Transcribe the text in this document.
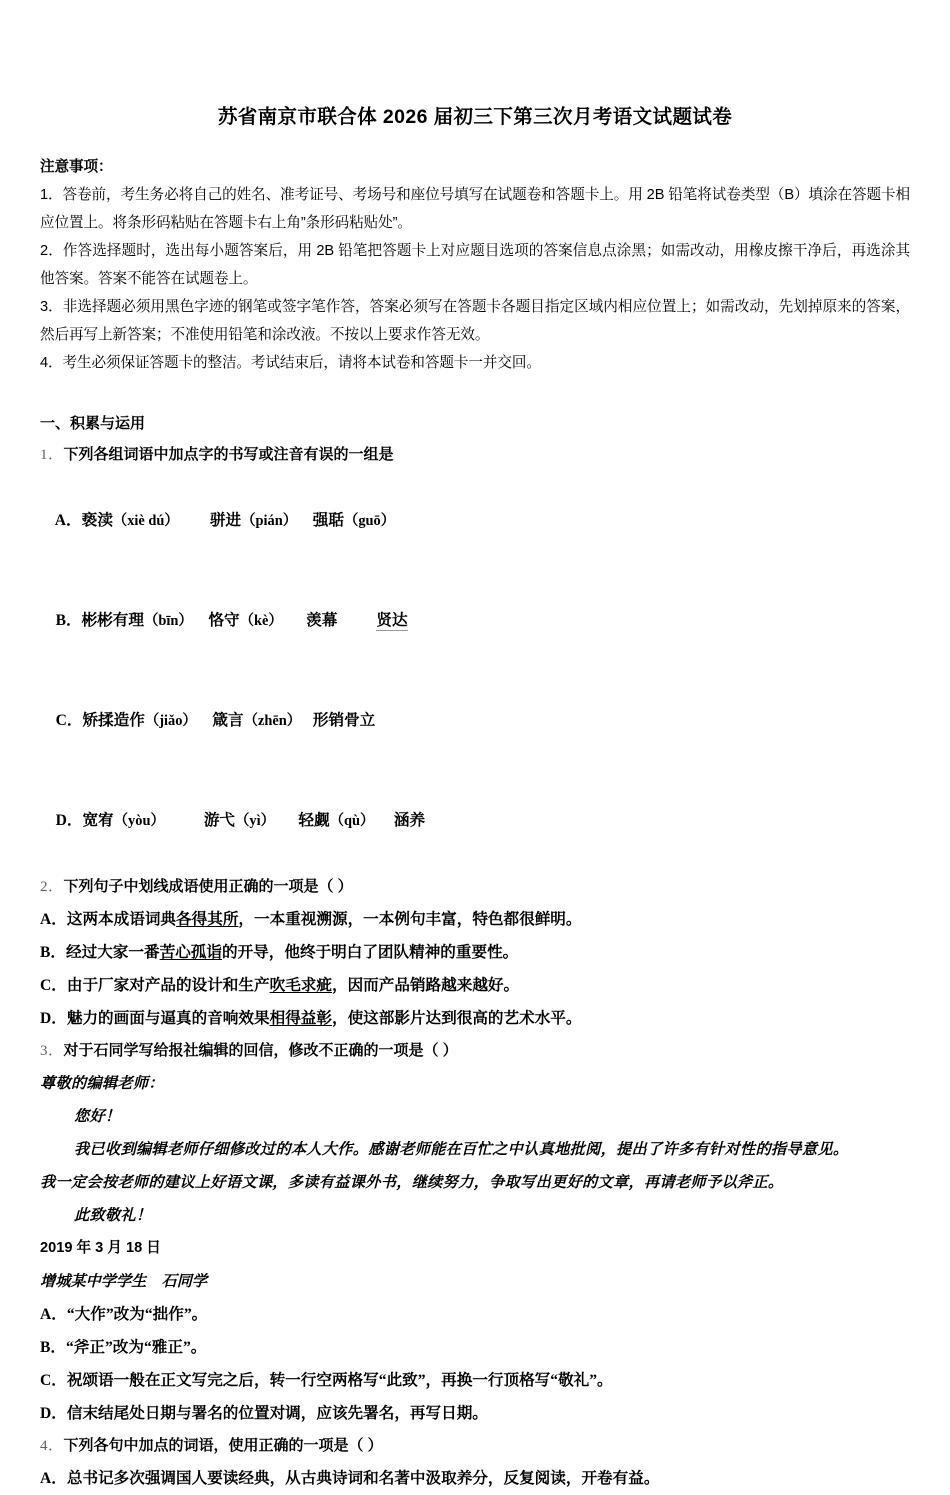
苏省南京市联合体 2026 届初三下第三次月考语文试题试卷
注意事项：
1．答卷前，考生务必将自己的姓名、准考证号、考场号和座位号填写在试题卷和答题卡上。用 2B 铅笔将试卷类型（B）填涂在答题卡相应位置上。将条形码粘贴在答题卡右上角”条形码粘贴处”。
2．作答选择题时，选出每小题答案后，用 2B 铅笔把答题卡上对应题目选项的答案信息点涂黑；如需改动，用橡皮擦干净后，再选涂其他答案。答案不能答在试题卷上。
3．非选择题必须用黑色字迹的钢笔或签字笔作答，答案必须写在答题卡各题目指定区域内相应位置上；如需改动，先划掉原来的答案，然后再写上新答案；不准使用铅笔和涂改液。不按以上要求作答无效。
4．考生必须保证答题卡的整洁。考试结束后，请将本试卷和答题卡一并交回。
一、积累与运用
1．下列各组词语中加点字的书写或注音有误的一组是

A．亵渎（xiè dú） 骈进（pián） 强聒（guō）

B．彬彬有理（bīn） 恪守（kè） 羡幕 贤达

C．矫揉造作（jiǎo） 箴言（zhēn） 形销骨立

D．宽宥（yòu） 游弋（yì） 轻觑（qù） 涵养

2．下列句子中划线成语使用正确的一项是（ ）
A．这两本成语词典各得其所，一本重视溯源，一本例句丰富，特色都很鲜明。
B．经过大家一番苦心孤诣的开导，他终于明白了团队精神的重要性。
C．由于厂家对产品的设计和生产吹毛求疵，因而产品销路越来越好。
D．魅力的画面与逼真的音响效果相得益彰，使这部影片达到很高的艺术水平。
3．对于石同学写给报社编辑的回信，修改不正确的一项是（ ）
尊敬的编辑老师：
您好！
我已收到编辑老师仔细修改过的本人大作。感谢老师能在百忙之中认真地批阅，提出了许多有针对性的指导意见。
我一定会按老师的建议上好语文课，多读有益课外书，继续努力，争取写出更好的文章，再请老师予以斧正。
此致敬礼！
2019 年 3 月 18 日
增城某中学学生　石同学
A．“大作”改为“拙作”。
B．“斧正”改为“雅正”。
C．祝颂语一般在正文写完之后，转一行空两格写“此致”，再换一行顶格写“敬礼”。
D．信末结尾处日期与署名的位置对调，应该先署名，再写日期。
4．下列各句中加点的词语，使用正确的一项是（ ）
A．总书记多次强调国人要读经典，从古典诗词和名著中汲取养分，反复阅读，开卷有益。
